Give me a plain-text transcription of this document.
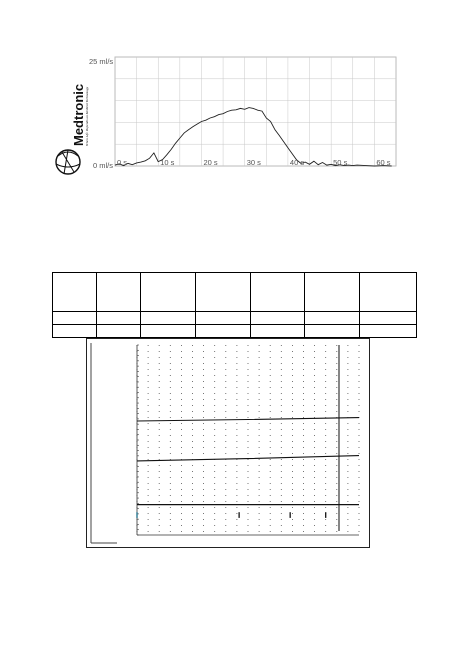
25 ml/s
0 ml/s 0 s	10 s	20 s	30 s	40 s	50 s	60 s
Medtronic When Life Depends on Medical Technology
